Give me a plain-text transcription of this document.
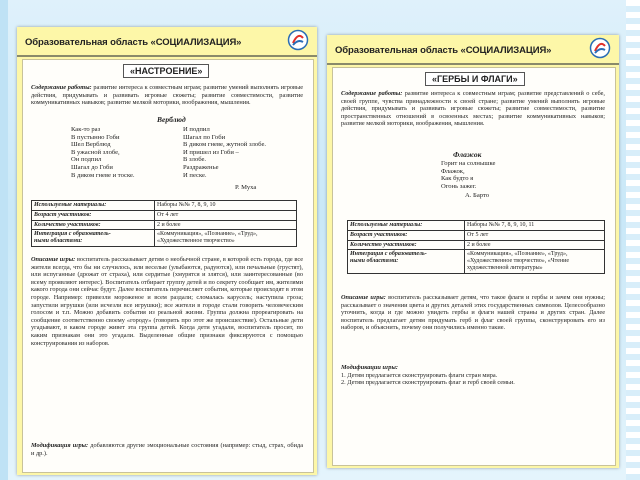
Образовательная область «СОЦИАЛИЗАЦИЯ»
«НАСТРОЕНИЕ»
Содержание работы: развитие интереса к совместным играм; развитие умений выполнять игровые действия, придумывать и развивать игровые сюжеты; развитие совместимости, развитие коммуникативных навыков; развитие мелкой моторики, воображения, мышления.
Верблюд
Как-то раз
В пустынно Гоби
Шел Верблюд
В ужасной злобе,
Он подпил
Шагал до Гоби
В диком гневе и тоске.
И подпил
Шагал по Гоби
В диком гневе, жутной злобе.
И пришел из Гоби –
В злобе.
Раздраженье
И песке.
Р. Муха
Используемые материалы:	Наборы №№ 7, 8, 9, 10
Возраст участников:	От 4 лет
Количество участников:	2 и более
Интеграция с образователь-
ными областями:	«Коммуникация», «Познание», «Труд»,
«Художественное творчество»
Описание игры: воспитатель рассказывает детям о необычной стране, в которой есть города, где все жители всегда, что бы ни случилось, или веселые (улыбаются, радуются), или печальные (грустят), или испуганные (дрожат от страха), или сердитые (хмурятся и злятся), или заинтересованные (во всему проявляют интерес). Воспитатель отбирает группу детей и по секрету сообщает им, жителями какого города они сейчас будут. Далее воспитатель перечисляет события, которые происходят в этом городе. Например: привезли мороженое и всем раздали; сломалась карусель; наступила гроза; запустили игрушки (или исчезли все игрушки); все жители в городе стали говорить человеческим голосом и т.п. Можно добавить события из реальной жизни. Группа должна прореагировать на сообщение соответственно своему «городу» (говорить про этот же происшествие). Остальные дети угадывают, в каком городе живет эта группа детей. Когда дети угадали, воспитатель просит, по каким признакам они это угадали. Выделенные общие признаки фиксируются с помощью конструирования из наборов.
Модификация игры: добавляются другие эмоциональные состояния (например: стыд, страх, обида и др.).
Образовательная область «СОЦИАЛИЗАЦИЯ»
«ГЕРБЫ И ФЛАГИ»
Содержание работы: развитие интереса к совместным играм; развитие представлений о себе, своей группе, чувства принадлежности к своей стране; развитие умений выполнять игровые действия, придумывать и развивать игровые сюжеты; развитие совместимости, развитие пространственных отношений в освоенных местах; развитие коммуникативных навыков; развитие мелкой моторики, воображения, мышления.
Флажок
Горит на солнышке
Флажок,
Как будто я
Огонь зажег.
А. Барто
Используемые материалы:	Наборы №№ 7, 8, 9, 10, 11
Возраст участников:	От 5 лет
Количество участников:	2 и более
Интеграция с образователь-
ными областями:	«Коммуникация», «Познание», «Труд»,
«Художественное творчество», «Чтение
художественной литературы»
Описание игры: воспитатель рассказывает детям, что такое флаги и гербы и зачем они нужны; рассказывает о значении цвета и других деталей этих государственных символов. Целесообразно уточнить, когда и где можно увидеть гербы и флаги нашей страны и других стран. Далее воспитатель предлагает детям придумать герб и флаг своей группы, сконструировать его из наборов, и объяснить, почему они получились именно такие.
Модификации игры:
1. Детям предлагается сконструировать флаги стран мира.
2. Детям предлагается сконструировать флаг и герб своей семьи.
